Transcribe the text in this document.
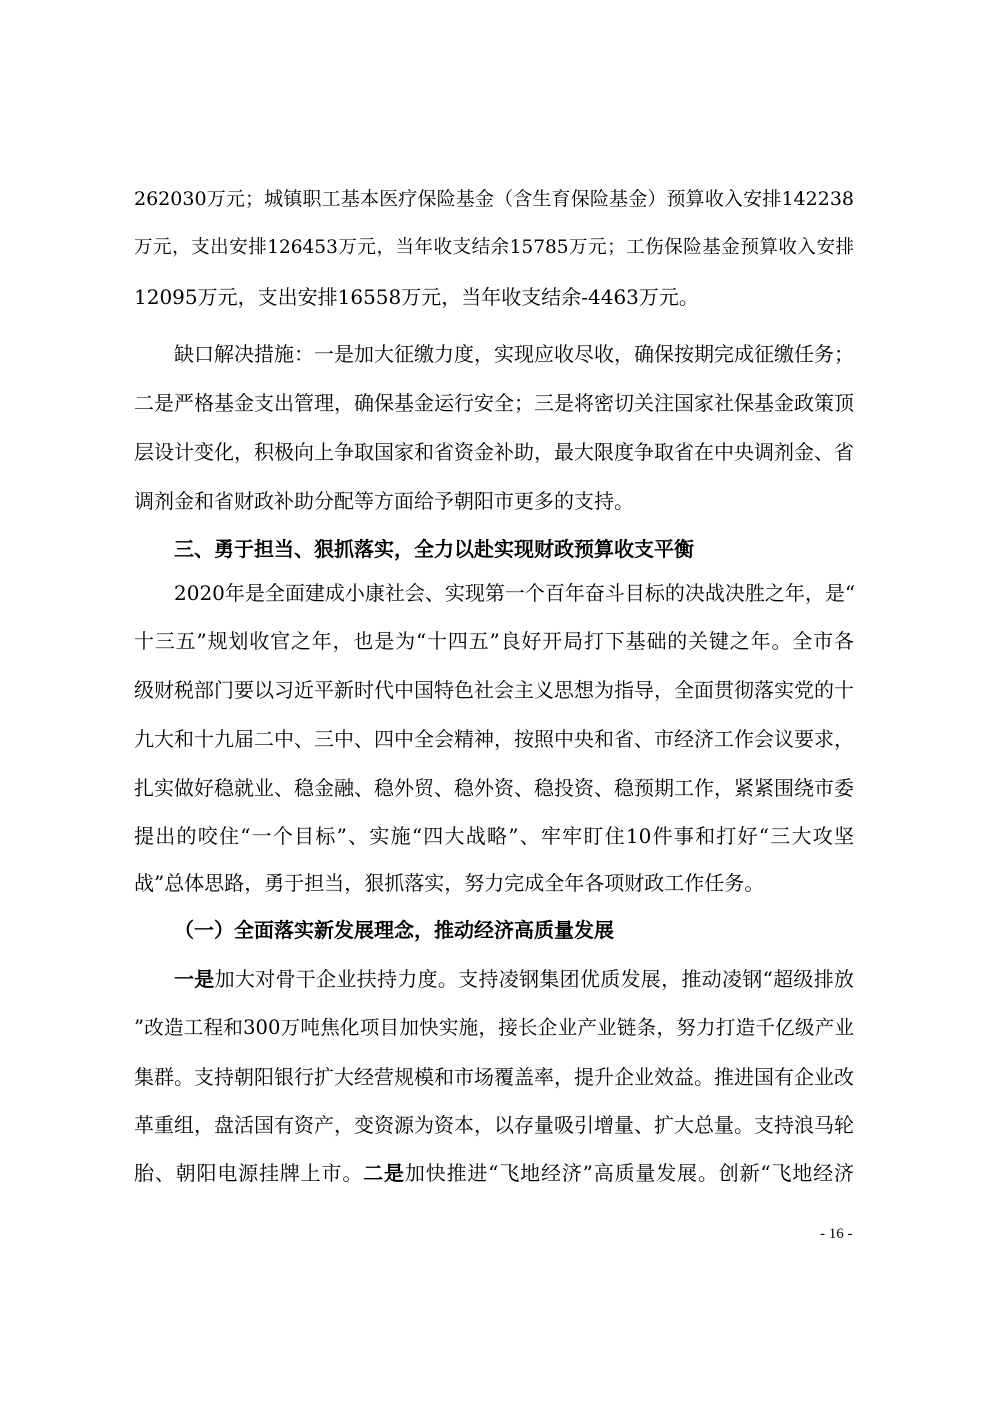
262030万元；城镇职工基本医疗保险基金（含生育保险基金）预算收入安排142238
万元，支出安排126453万元，当年收支结余15785万元；工伤保险基金预算收入安排
12095万元，支出安排16558万元，当年收支结余-4463万元。
缺口解决措施：一是加大征缴力度，实现应收尽收，确保按期完成征缴任务；
二是严格基金支出管理，确保基金运行安全；三是将密切关注国家社保基金政策顶
层设计变化，积极向上争取国家和省资金补助，最大限度争取省在中央调剂金、省
调剂金和省财政补助分配等方面给予朝阳市更多的支持。
三、勇于担当、狠抓落实，全力以赴实现财政预算收支平衡
2020年是全面建成小康社会、实现第一个百年奋斗目标的决战决胜之年，是“
十三五”规划收官之年，也是为“十四五”良好开局打下基础的关键之年。全市各
级财税部门要以习近平新时代中国特色社会主义思想为指导，全面贯彻落实党的十
九大和十九届二中、三中、四中全会精神，按照中央和省、市经济工作会议要求，
扎实做好稳就业、稳金融、稳外贸、稳外资、稳投资、稳预期工作，紧紧围绕市委
提出的咬住“一个目标”、实施“四大战略”、牢牢盯住10件事和打好“三大攻坚
战”总体思路，勇于担当，狠抓落实，努力完成全年各项财政工作任务。
（一）全面落实新发展理念，推动经济高质量发展
一是加大对骨干企业扶持力度。支持凌钢集团优质发展，推动凌钢“超级排放
”改造工程和300万吨焦化项目加快实施，接长企业产业链条，努力打造千亿级产业
集群。支持朝阳银行扩大经营规模和市场覆盖率，提升企业效益。推进国有企业改
革重组，盘活国有资产，变资源为资本，以存量吸引增量、扩大总量。支持浪马轮
胎、朝阳电源挂牌上市。二是加快推进“飞地经济”高质量发展。创新“飞地经济
- 16 -
